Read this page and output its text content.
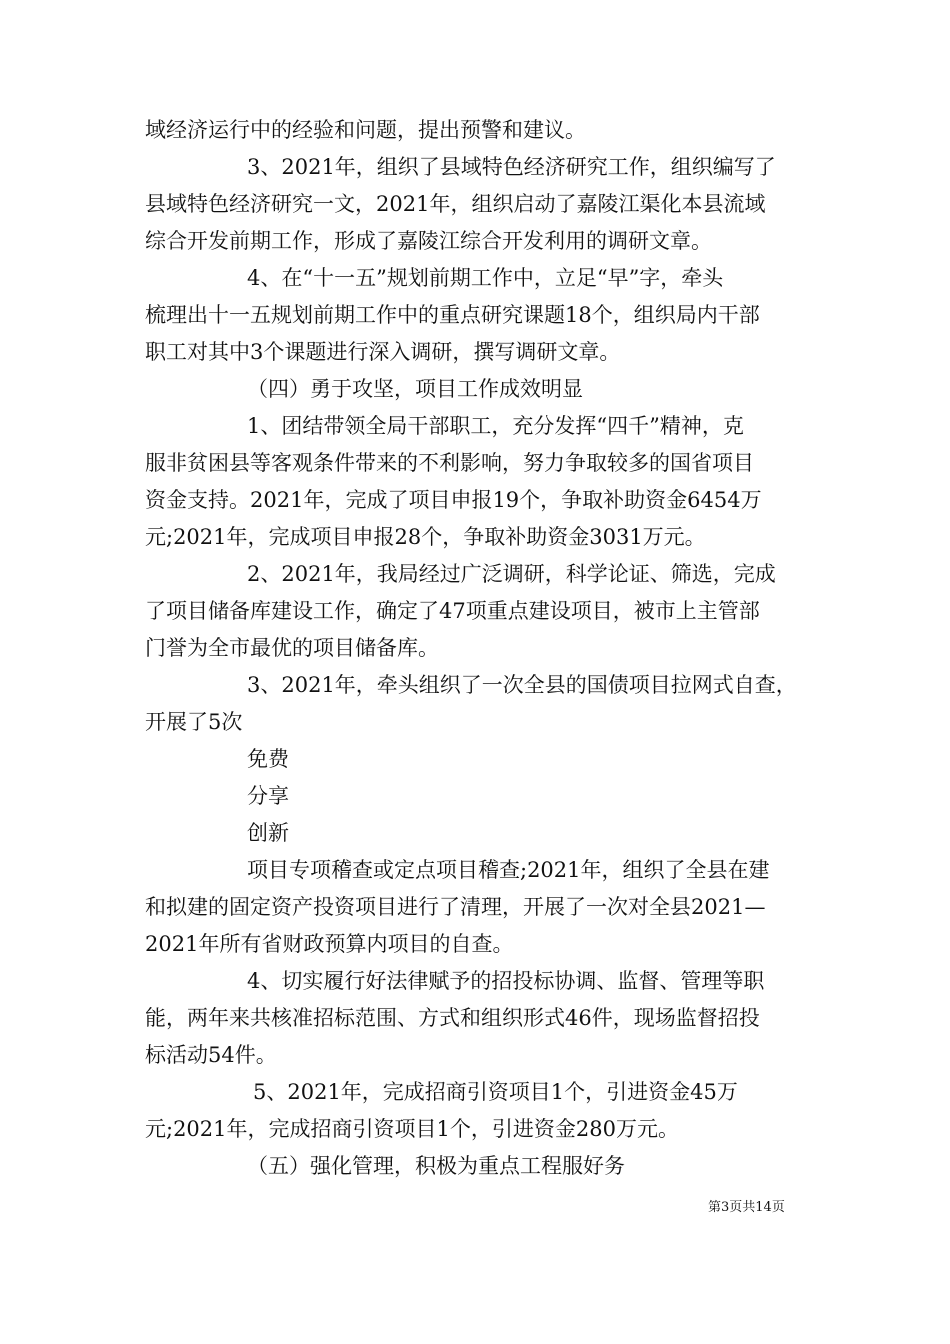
域经济运行中的经验和问题，提出预警和建议。
3、2021年，组织了县域特色经济研究工作，组织编写了
县域特色经济研究一文，2021年，组织启动了嘉陵江渠化本县流域
综合开发前期工作，形成了嘉陵江综合开发利用的调研文章。
4、在“十一五”规划前期工作中，立足“早”字，牵头
梳理出十一五规划前期工作中的重点研究课题18个，组织局内干部
职工对其中3个课题进行深入调研，撰写调研文章。
（四）勇于攻坚，项目工作成效明显
1、团结带领全局干部职工，充分发挥“四千”精神，克
服非贫困县等客观条件带来的不利影响，努力争取较多的国省项目
资金支持。2021年，完成了项目申报19个，争取补助资金6454万
元;2021年，完成项目申报28个，争取补助资金3031万元。
2、2021年，我局经过广泛调研，科学论证、筛选，完成
了项目储备库建设工作，确定了47项重点建设项目，被市上主管部
门誉为全市最优的项目储备库。
3、2021年，牵头组织了一次全县的国债项目拉网式自查，
开展了5次
免费
分享
创新
项目专项稽查或定点项目稽查;2021年，组织了全县在建
和拟建的固定资产投资项目进行了清理，开展了一次对全县2021—
2021年所有省财政预算内项目的自查。
4、切实履行好法律赋予的招投标协调、监督、管理等职
能，两年来共核准招标范围、方式和组织形式46件，现场监督招投
标活动54件。
5、2021年，完成招商引资项目1个，引进资金45万
元;2021年，完成招商引资项目1个，引进资金280万元。
（五）强化管理，积极为重点工程服好务
第3页共14页
